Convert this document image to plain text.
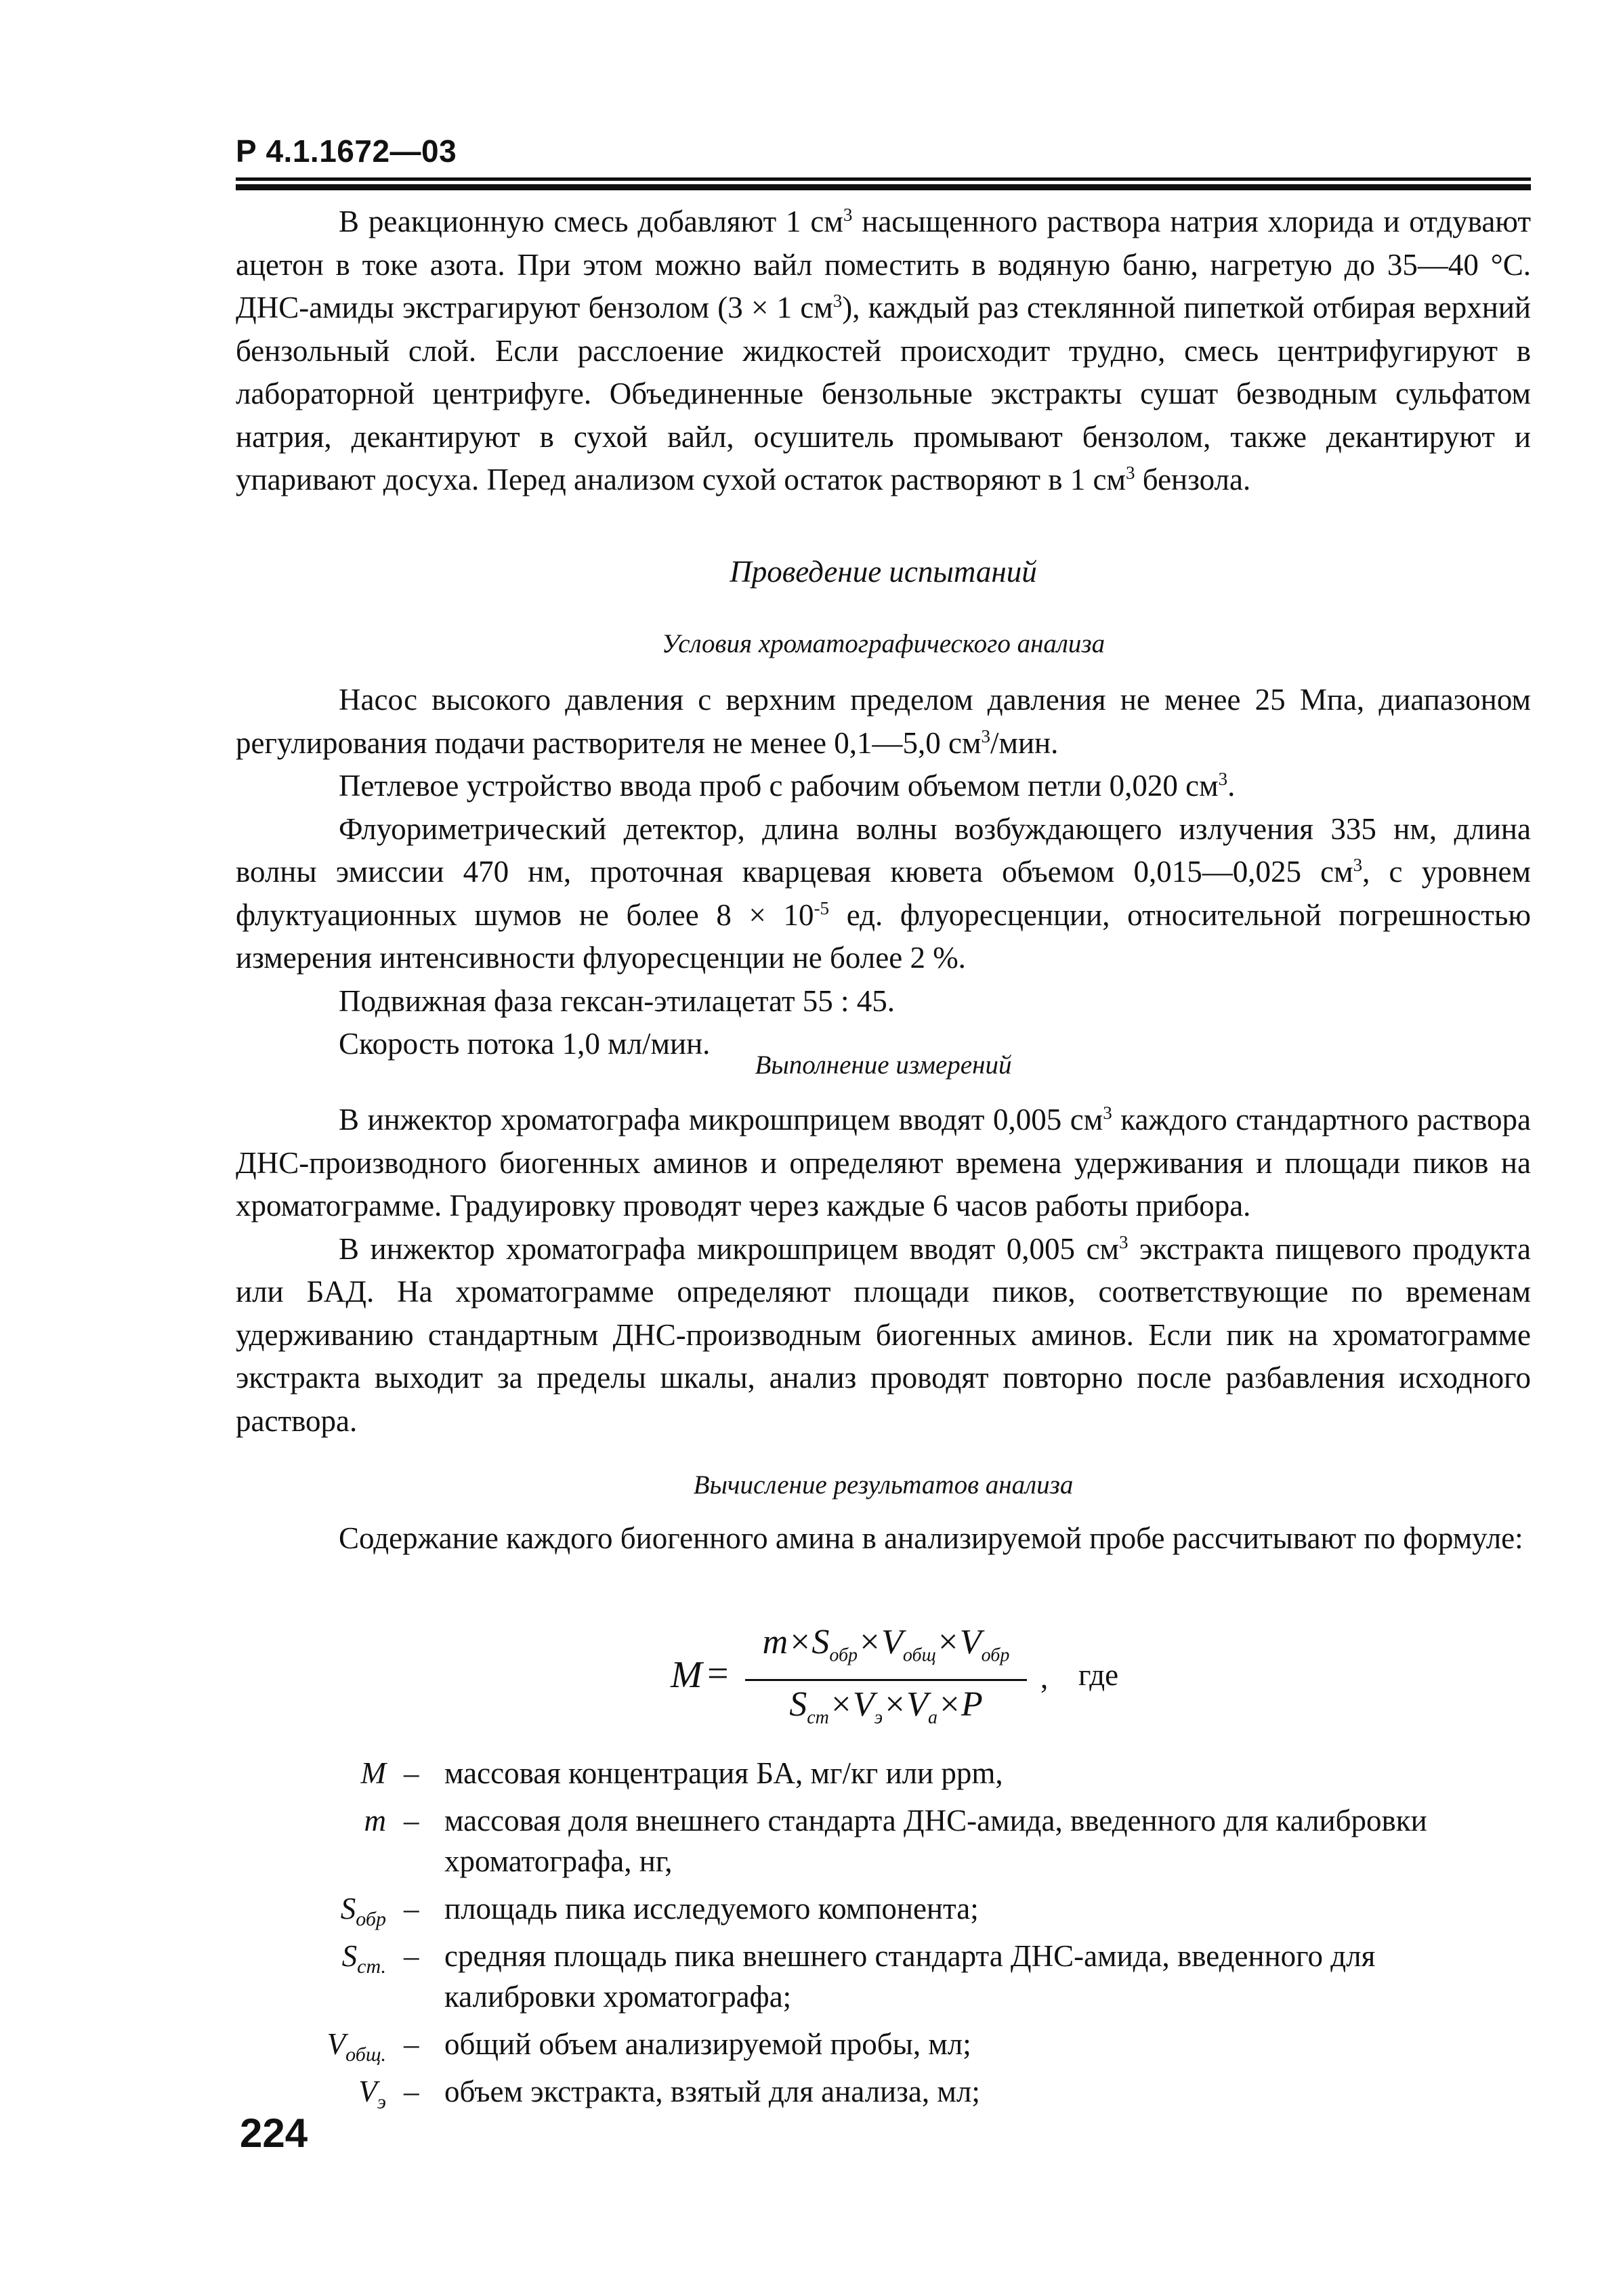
Р 4.1.1672—03

В реакционную смесь добавляют 1 $см^3$ насыщенного раствора натрия хлорида и отдувают ацетон в токе азота. При этом можно вайл поместить в водяную баню, нагретую до 35—40 °С. ДНС-амиды экстрагируют бензолом (3 × 1 $см^3$), каждый раз стеклянной пипеткой отбирая верхний бензольный слой. Если расслоение жидкостей происходит трудно, смесь центрифугируют в лабораторной центрифуге. Объединенные бензольные экстракты сушат безводным сульфатом натрия, декантируют в сухой вайл, осушитель промывают бензолом, также декантируют и упаривают досуха. Перед анализом сухой остаток растворяют в 1 $см^3$ бензола.

Проведение испытаний
Условия хроматографического анализа

Насос высокого давления с верхним пределом давления не менее 25 Мпа, диапазоном регулирования подачи растворителя не менее 0,1—5,0 $см^3$/мин.

Петлевое устройство ввода проб с рабочим объемом петли 0,020 $см^3$.

Флуориметрический детектор, длина волны возбуждающего излучения 335 нм, длина волны эмиссии 470 нм, проточная кварцевая кювета объемом 0,015—0,025 $см^3$, с уровнем флуктуационных шумов не более $8 \times 10^{-5}$ ед. флуоресценции, относительной погрешностью измерения интенсивности флуоресценции не более 2 %.

Подвижная фаза гексан-этилацетат 55 : 45.

Скорость потока 1,0 мл/мин.

Выполнение измерений

В инжектор хроматографа микрошприцем вводят 0,005 $см^3$ каждого стандартного раствора ДНС-производного биогенных аминов и определяют времена удерживания и площади пиков на хроматограмме. Градуировку проводят через каждые 6 часов работы прибора.

В инжектор хроматографа микрошприцем вводят 0,005 $см^3$ экстракта пищевого продукта или БАД. На хроматограмме определяют площади пиков, соответствующие по временам удерживанию стандартным ДНС-производным биогенных аминов. Если пик на хроматограмме экстракта выходит за пределы шкалы, анализ проводят повторно после разбавления исходного раствора.

Вычисление результатов анализа

Содержание каждого биогенного амина в анализируемой пробе рассчитывают по формуле:

M =
$m\times S_{обр}\times V_{общ}\times V_{обр}$
$S_{ст}\times V_э\times V_а\times P$
, где
M – массовая концентрация БА, мг/кг или ppm,
m – массовая доля внешнего стандарта ДНС-амида, введенного для калибровки хроматографа, нг,
$S_{обр}$ – площадь пика исследуемого компонента;
$S_{ст.}$ – средняя площадь пика внешнего стандарта ДНС-амида, введенного для калибровки хроматографа;
$V_{общ.}$ – общий объем анализируемой пробы, мл;
$V_э$ – объем экстракта, взятый для анализа, мл;
224
